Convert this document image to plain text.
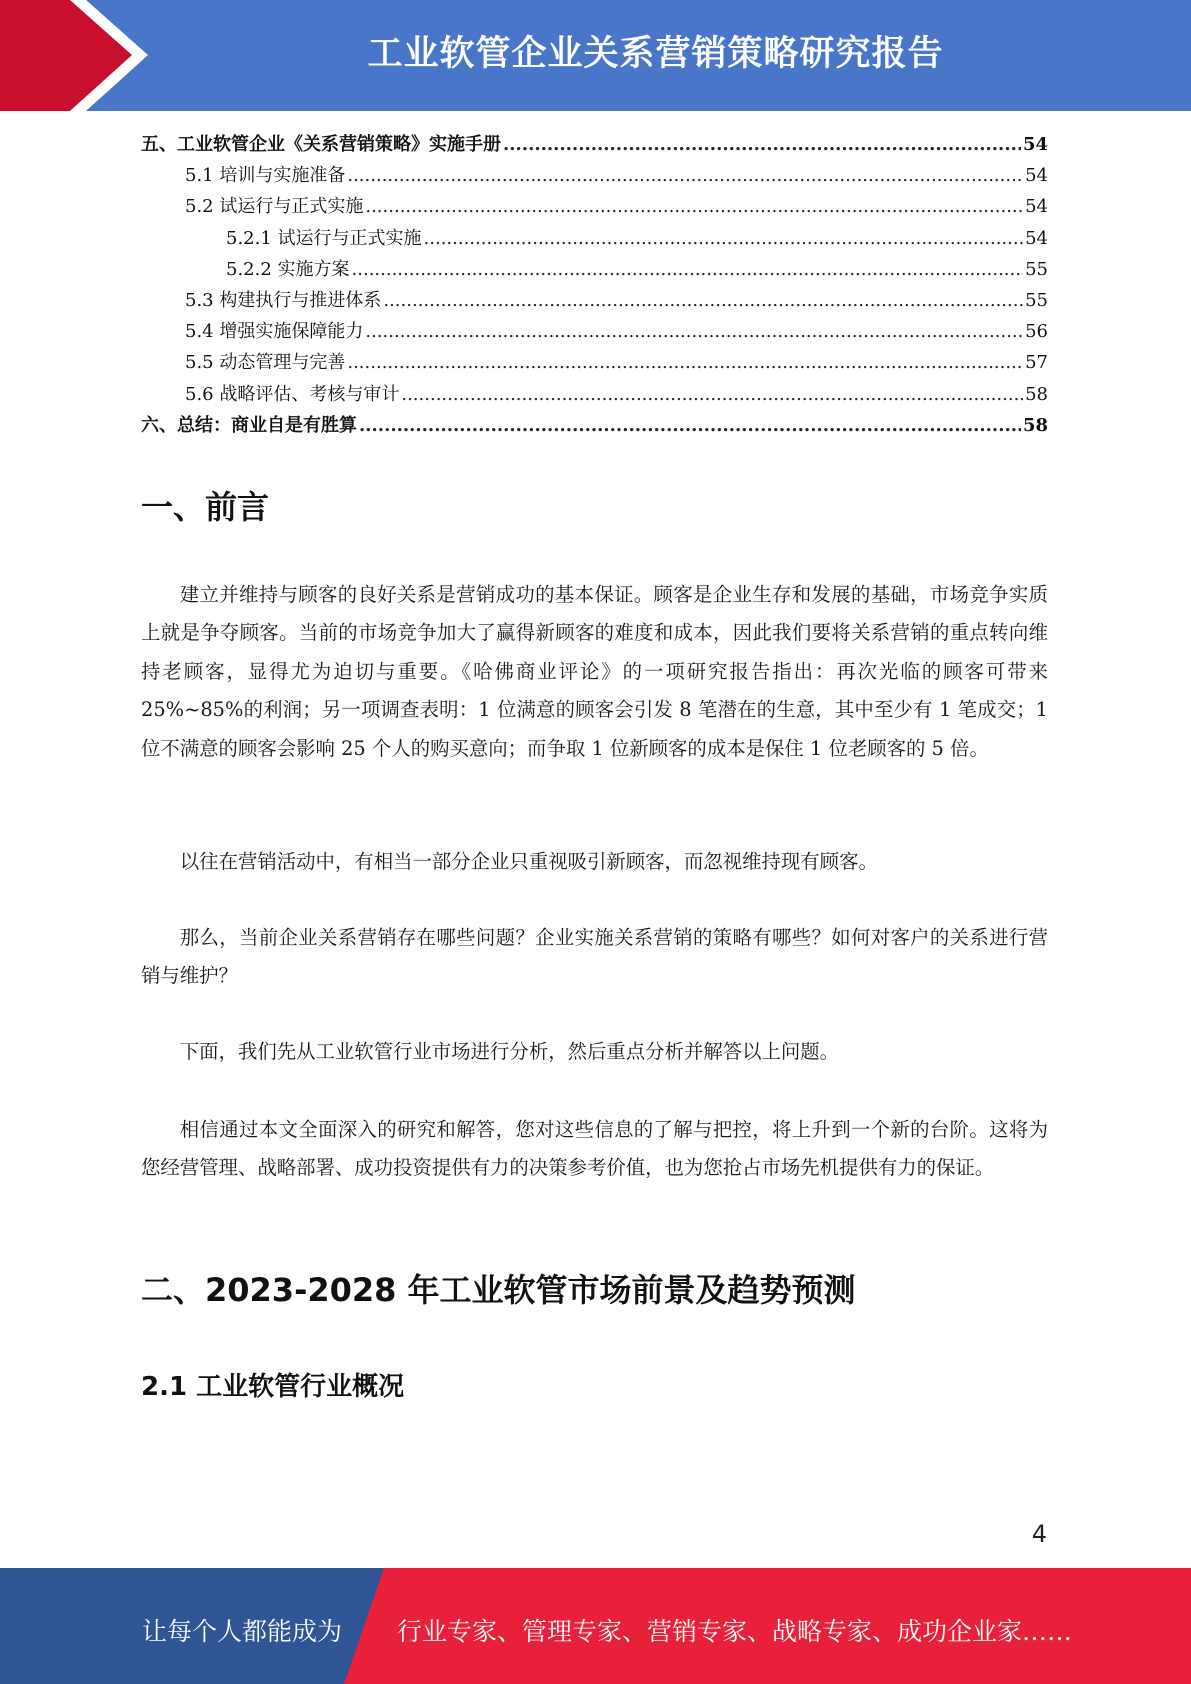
工业软管企业关系营销策略研究报告
五、工业软管企业《关系营销策略》实施手册 .....	54
5.1 培训与实施准备 .....	54
5.2 试运行与正式实施 .....	54
5.2.1 试运行与正式实施 .....	54
5.2.2 实施方案 .....	55
5.3 构建执行与推进体系 .....	55
5.4 增强实施保障能力 .....	56
5.5 动态管理与完善 .....	57
5.6 战略评估、考核与审计 .....	58
六、总结：商业自是有胜算 .....	58
一、前言

建立并维持与顾客的良好关系是营销成功的基本保证。顾客是企业生存和发展的基础，市场竞争实质上就是争夺顾客。当前的市场竞争加大了赢得新顾客的难度和成本，因此我们要将关系营销的重点转向维持老顾客，显得尤为迫切与重要。《哈佛商业评论》的一项研究报告指出：再次光临的顾客可带来 25%~85%的利润；另一项调查表明：1 位满意的顾客会引发 8 笔潜在的生意，其中至少有 1 笔成交；1 位不满意的顾客会影响 25 个人的购买意向；而争取 1 位新顾客的成本是保住 1 位老顾客的 5 倍。

以往在营销活动中，有相当一部分企业只重视吸引新顾客，而忽视维持现有顾客。

那么，当前企业关系营销存在哪些问题？企业实施关系营销的策略有哪些？如何对客户的关系进行营销与维护？

下面，我们先从工业软管行业市场进行分析，然后重点分析并解答以上问题。

相信通过本文全面深入的研究和解答，您对这些信息的了解与把控，将上升到一个新的台阶。这将为您经营管理、战略部署、成功投资提供有力的决策参考价值，也为您抢占市场先机提供有力的保证。

二、2023-2028 年工业软管市场前景及趋势预测
2.1 工业软管行业概况
4
让每个人都能成为 行业专家、管理专家、营销专家、战略专家、成功企业家……
